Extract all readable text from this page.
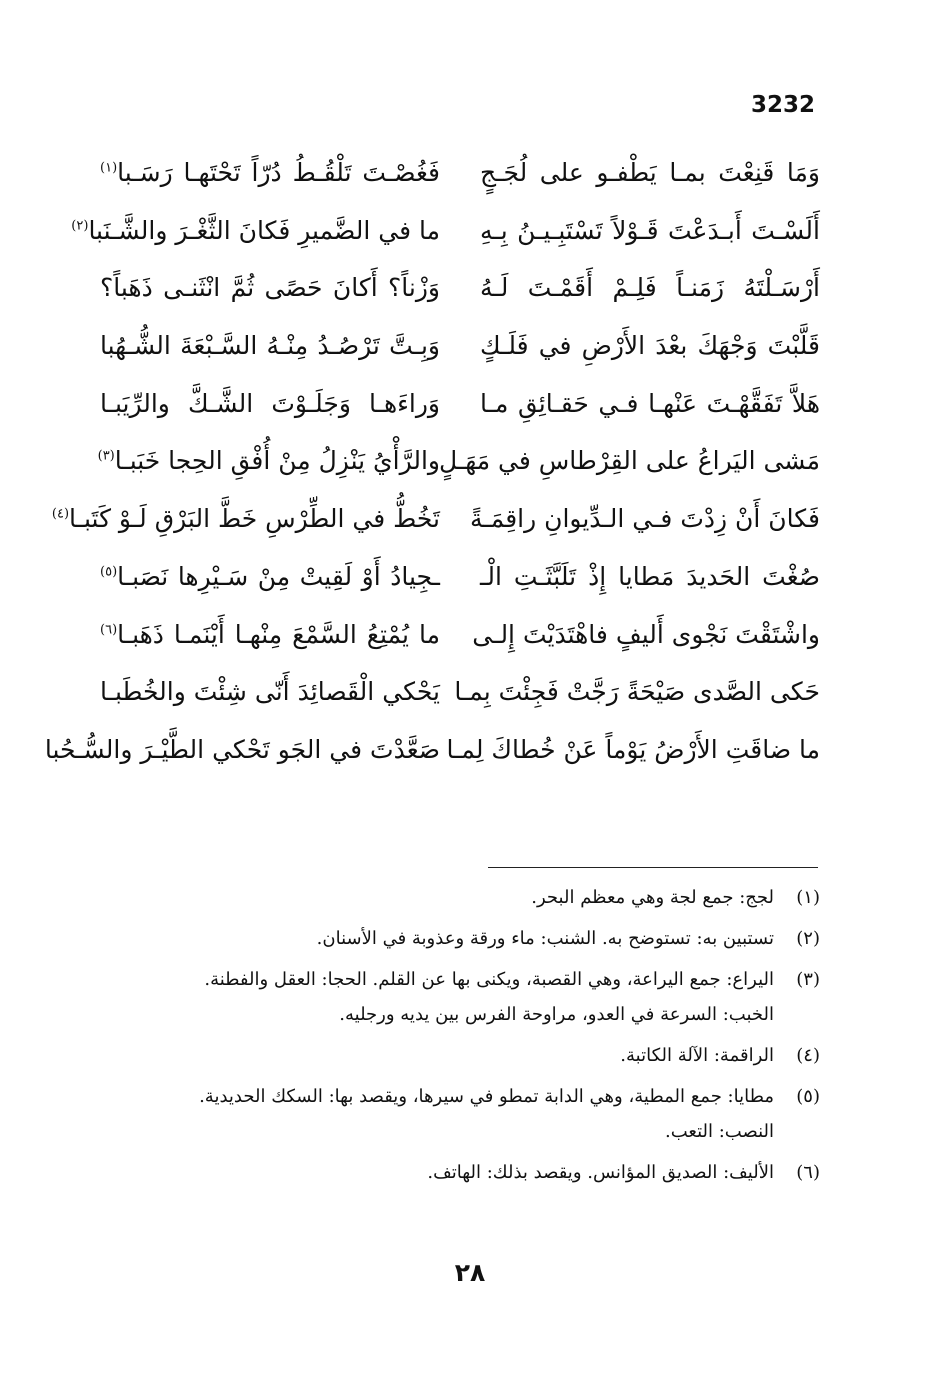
3232
وَمَا قَنِعْتَ بمـا يَطْفـو على لُجَـجٍ
فَغُصْـتَ تَلْقُـطُ دُرّاً تَحْتَهـا رَسَـبا$^{(١)}$
أَلَسْـتَ أَبـدَعْتَ قَـوْلاً تَسْتَبِـيـنُ بِـهِ
ما في الضَّميرِ فَكانَ الثَّغْـرَ والشَّـنَبا$^{(٢)}$
أَرْسَـلْتَهُ زَمَنـاً فَلِـمْ أَقَمْـتَ لَـهُ
وَزْناً؟ أَكانَ حَصًى ثُمَّ انْثَنـى ذَهَباً؟
قَلَّبْتَ وَجْهَكَ بعْدَ الأَرْضِ في فَلَـكٍ
وَبِـتَّ تَرْصُـدُ مِنْـهُ السَّـبْعَةَ الشُّـهُبا
هَلاَّ تَفَقَّهْـتَ عَنْهـا فـي حَقـائِقِ مـا
وَراءَهـا وَجَلَـوْتَ الشَّـكَّ والرِّيَبـا
مَشى اليَراعُ على القِرْطاسِ في مَهَـلٍ
والرَّأْيُ يَنْزِلُ مِنْ أُفْقِ الحِجا خَبَبـا$^{(٣)}$
فَكانَ أَنْ زِدْتَ فـي الـدِّيوانِ راقِمَـةً
تَخُطُّ في الطِّرْسِ خَطَّ البَرْقِ لَـوْ كَتَبـا$^{(٤)}$
صُغْتَ الحَديدَ مَطايا إِذْ تَلَبَّثَـتِ الْـ
ـجِيادُ أَوْ لَقِيتْ مِنْ سَـيْرِها نَصَبـا$^{(٥)}$
واشْتَقْتَ نَجْوى أَليفٍ فاهْتَدَيْتَ إِلـى
ما يُمْتِعُ السَّمْعَ مِنْهـا أَيْنَمـا ذَهَبـا$^{(٦)}$
حَكى الصَّدى صَيْحَةً رَجَّتْ فَجِئْتَ بِمـا
يَحْكي الْقَصائِدَ أَنّى شِئْتَ والخُطَبـا
ما ضاقَتِ الأَرْضُ يَوْماً عَنْ خُطاكَ لِمـا
صَعَّدْتَ في الجَو تَحْكي الطَّيْـرَ والسُّـحُبا
(١)
لجج: جمع لجة وهي معظم البحر.
(٢)
تستبين به: تستوضح به. الشنب: ماء ورقة وعذوبة في الأسنان.
(٣)
اليراع: جمع اليراعة، وهي القصبة، ويكنى بها عن القلم. الحجا: العقل والفطنة.
الخبب: السرعة في العدو، مراوحة الفرس بين يديه ورجليه.
(٤)
الراقمة: الآلة الكاتبة.
(٥)
مطايا: جمع المطية، وهي الدابة تمطو في سيرها، ويقصد بها: السكك الحديدية.
النصب: التعب.
(٦)
الأليف: الصديق المؤانس. ويقصد بذلك: الهاتف.
٢٨
